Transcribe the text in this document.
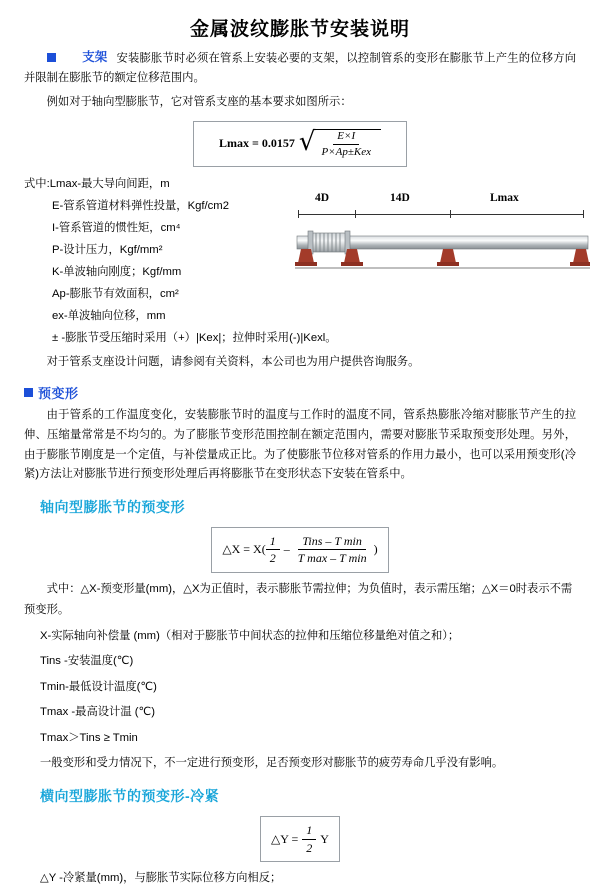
金属波纹膨胀节安装说明
支架 安装膨胀节时必须在管系上安装必要的支架，以控制管系的变形在膨胀节上产生的位移方向并限制在膨胀节的额定位移范围内。
例如对于轴向型膨胀节，它对管系支座的基本要求如图所示：
Lmax = 0.0157 √ $\frac{E\times I}{\text{P×Ap±Kex}}$
4D	14D	Lmax
式中:Lmax-最大导向间距，m
E-管系管道材料弹性投量，Kgf/cm2
I-管系管道的惯性矩，cm⁴
P-设计压力，Kgf/mm²
K-单波轴向刚度；Kgf/mm
Ap-膨胀节有效面积，cm²
ex-单波轴向位移，mm
± -膨胀节受压缩时采用（+）|Kex|；拉伸时采用(-)|Kexl。
对于管系支座设计问题，请参阅有关资料，本公司也为用户提供咨询服务。
预变形
由于管系的工作温度变化，安装膨胀节时的温度与工作时的温度不同，管系热膨胀冷缩对膨胀节产生的拉伸、压缩量常常是不均匀的。为了膨胀节变形范围控制在额定范围内，需要对膨胀节采取预变形处理。另外，由于膨胀节刚度是一个定值，与补偿量成正比。为了使膨胀节位移对管系的作用力最小，也可以采用预变形(冷紧)方法让对膨胀节进行预变形处理后再将膨胀节在变形状态下安装在管系中。
轴向型膨胀节的预变形
△X = $X( \frac{1}{2} - \frac{\text{Tins – T min}}{\text{T max – T min}}$ )
式中：△X-预变形量(mm)，△X为正值时，表示膨胀节需拉伸；为负值时，表示需压缩；△X＝0时表示不需预变形。
X-实际轴向补偿量 (mm)（相对于膨胀节中间状态的拉伸和压缩位移量绝对值之和）；
Tins -安装温度(℃)
Tmin-最低设计温度(℃)
Tmax -最高设计温 (℃)
Tmax＞Tins ≥ Tmin
一般变形和受力情况下，不一定进行预变形，足否预变形对膨胀节的疲劳寿命几乎没有影响。
横向型膨胀节的预变形-冷紧
△Y = $\frac{1}{2}$ Y
△Y -冷紧量(mm)，与膨胀节实际位移方向相反；
